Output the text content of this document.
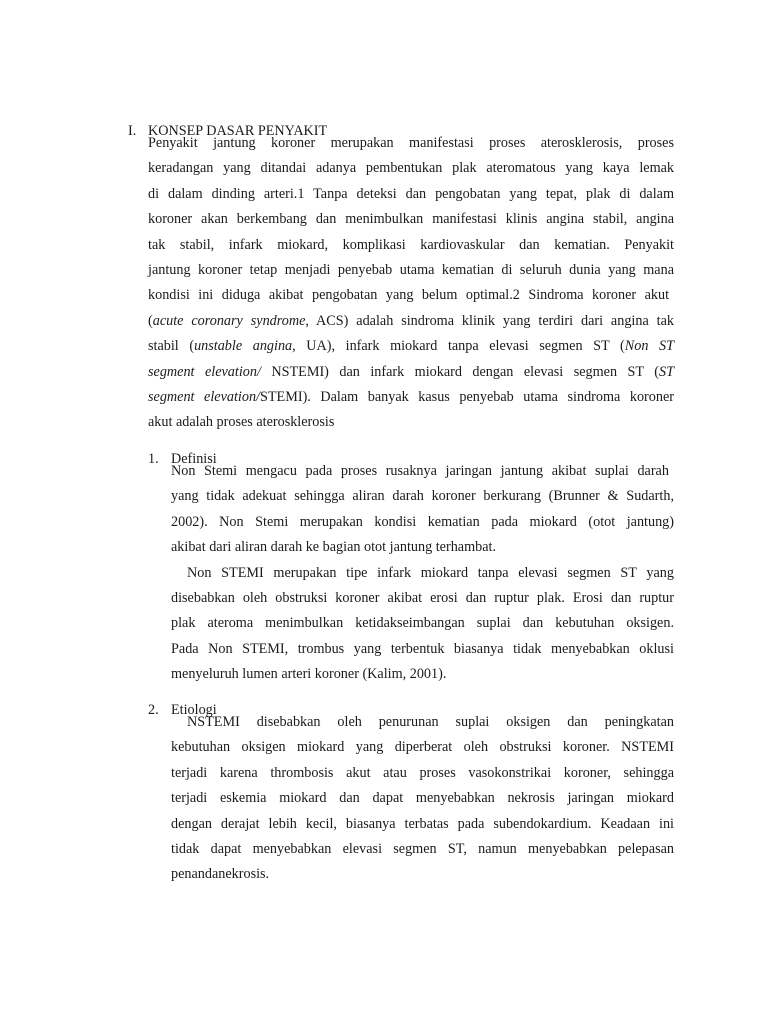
I. KONSEP DASAR PENYAKIT
Penyakit jantung koroner merupakan manifestasi proses aterosklerosis, proses
keradangan yang ditandai adanya pembentukan plak ateromatous yang kaya lemak
di dalam dinding arteri.1 Tanpa deteksi dan pengobatan yang tepat, plak di dalam
koroner akan berkembang dan menimbulkan manifestasi klinis angina stabil, angina
tak stabil, infark miokard, komplikasi kardiovaskular dan kematian. Penyakit
jantung koroner tetap menjadi penyebab utama kematian di seluruh dunia yang mana
kondisi ini diduga akibat pengobatan yang belum optimal.2 Sindroma koroner akut
(acute coronary syndrome, ACS) adalah sindroma klinik yang terdiri dari angina tak
stabil (unstable angina, UA), infark miokard tanpa elevasi segmen ST (Non ST
segment elevation/ NSTEMI) dan infark miokard dengan elevasi segmen ST (ST
segment elevation/STEMI). Dalam banyak kasus penyebab utama sindroma koroner
akut adalah proses aterosklerosis
1. Definisi
Non Stemi mengacu pada proses rusaknya jaringan jantung akibat suplai darah
yang tidak adekuat sehingga aliran darah koroner berkurang (Brunner & Sudarth,
2002). Non Stemi merupakan kondisi kematian pada miokard (otot jantung)
akibat dari aliran darah ke bagian otot jantung terhambat.
Non STEMI merupakan tipe infark miokard tanpa elevasi segmen ST yang
disebabkan oleh obstruksi koroner akibat erosi dan ruptur plak. Erosi dan ruptur
plak ateroma menimbulkan ketidakseimbangan suplai dan kebutuhan oksigen.
Pada Non STEMI, trombus yang terbentuk biasanya tidak menyebabkan oklusi
menyeluruh lumen arteri koroner (Kalim, 2001).
2. Etiologi
NSTEMI disebabkan oleh penurunan suplai oksigen dan peningkatan
kebutuhan oksigen miokard yang diperberat oleh obstruksi koroner. NSTEMI
terjadi karena thrombosis akut atau proses vasokonstrikai koroner, sehingga
terjadi eskemia miokard dan dapat menyebabkan nekrosis jaringan miokard
dengan derajat lebih kecil, biasanya terbatas pada subendokardium. Keadaan ini
tidak dapat menyebabkan elevasi segmen ST, namun menyebabkan pelepasan
penandanekrosis.
